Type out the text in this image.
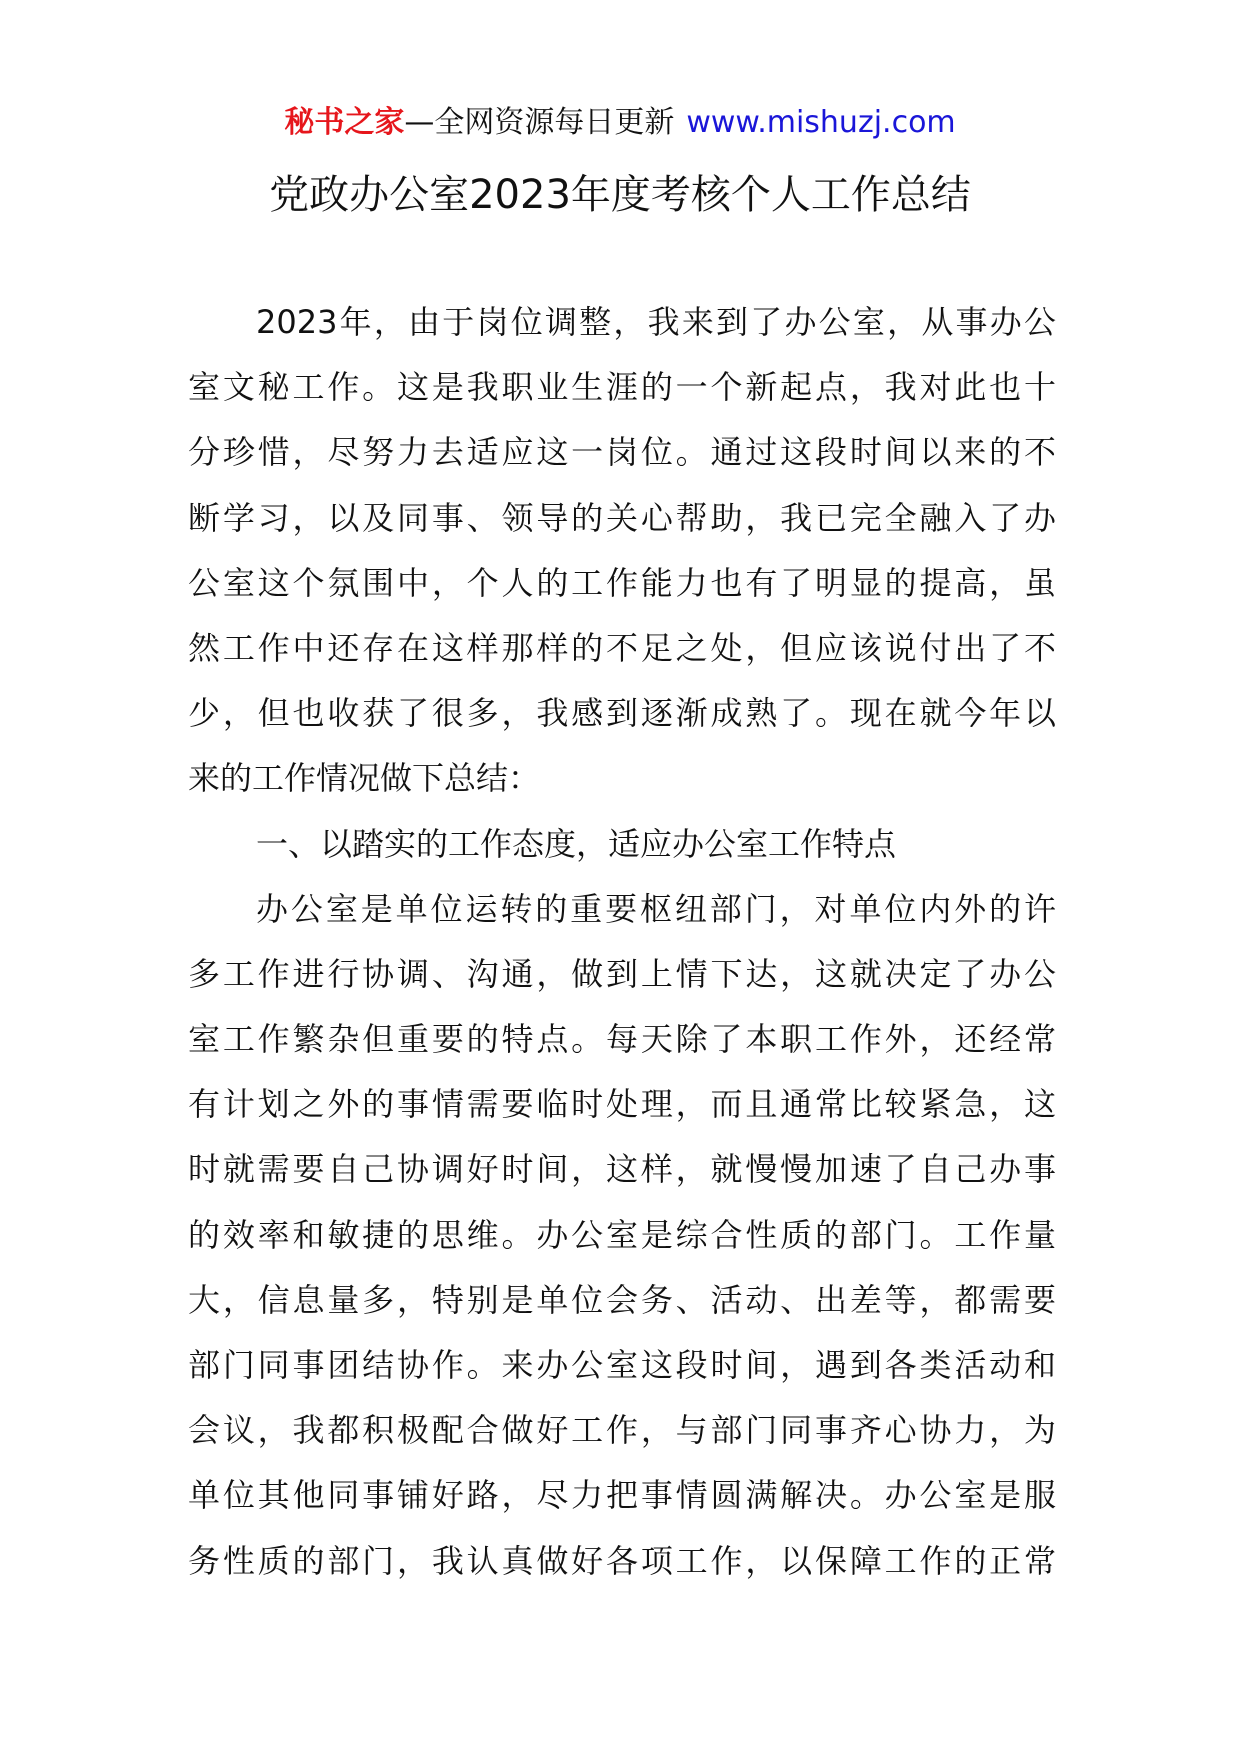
秘书之家—全网资源每日更新 www.mishuzj.com
党政办公室2023年度考核个人工作总结
2023年，由于岗位调整，我来到了办公室，从事办公
室文秘工作。这是我职业生涯的一个新起点，我对此也十
分珍惜，尽努力去适应这一岗位。通过这段时间以来的不
断学习，以及同事、领导的关心帮助，我已完全融入了办
公室这个氛围中，个人的工作能力也有了明显的提高，虽
然工作中还存在这样那样的不足之处，但应该说付出了不
少，但也收获了很多，我感到逐渐成熟了。现在就今年以
来的工作情况做下总结：
一、以踏实的工作态度，适应办公室工作特点
办公室是单位运转的重要枢纽部门，对单位内外的许
多工作进行协调、沟通，做到上情下达，这就决定了办公
室工作繁杂但重要的特点。每天除了本职工作外，还经常
有计划之外的事情需要临时处理，而且通常比较紧急，这
时就需要自己协调好时间，这样，就慢慢加速了自己办事
的效率和敏捷的思维。办公室是综合性质的部门。工作量
大，信息量多，特别是单位会务、活动、出差等，都需要
部门同事团结协作。来办公室这段时间，遇到各类活动和
会议，我都积极配合做好工作，与部门同事齐心协力，为
单位其他同事铺好路，尽力把事情圆满解决。办公室是服
务性质的部门，我认真做好各项工作，以保障工作的正常
